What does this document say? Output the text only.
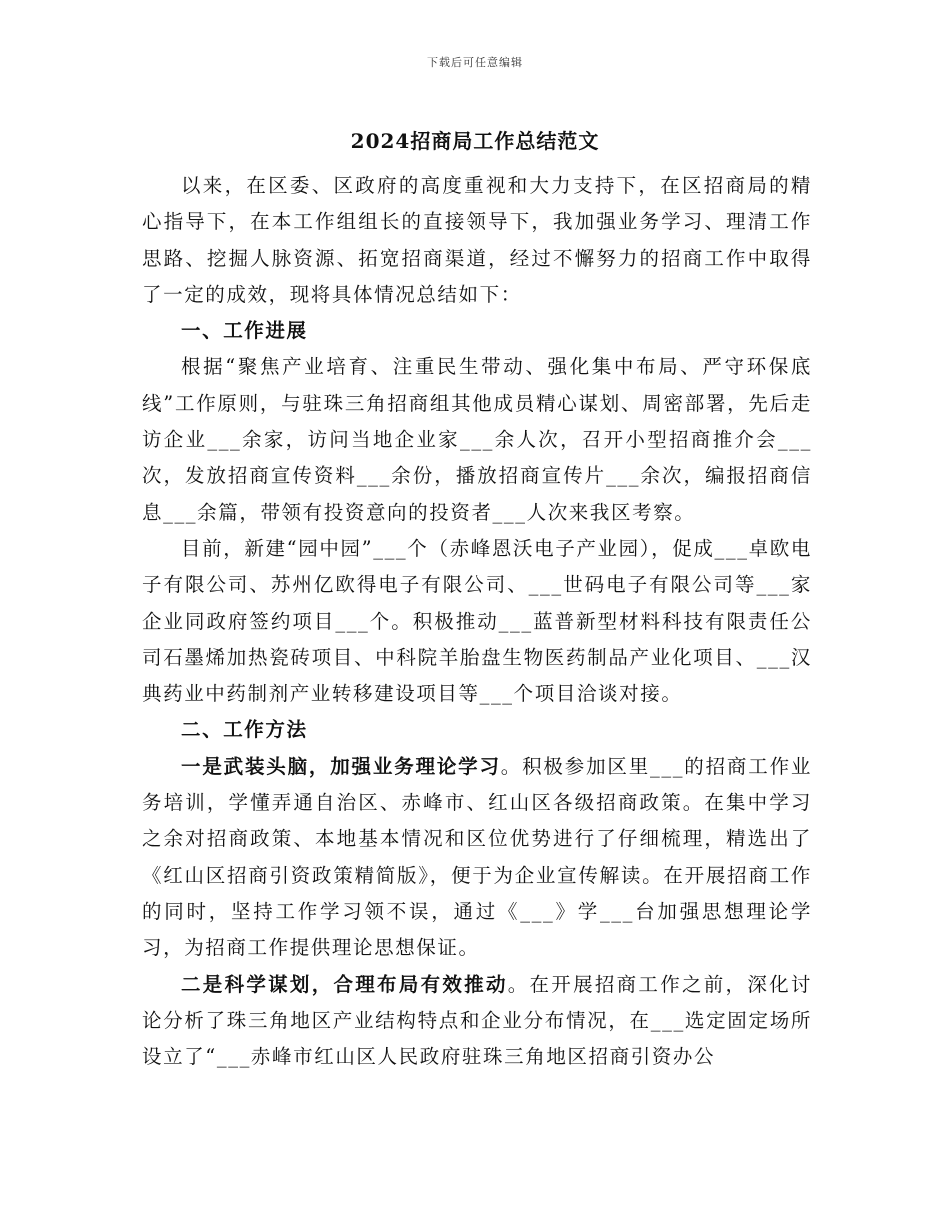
下载后可任意编辑
2024招商局工作总结范文

以来，在区委、区政府的高度重视和大力支持下，在区招商局的精心指导下，在本工作组组长的直接领导下，我加强业务学习、理清工作思路、挖掘人脉资源、拓宽招商渠道，经过不懈努力的招商工作中取得了一定的成效，现将具体情况总结如下：

一、工作进展

根据“聚焦产业培育、注重民生带动、强化集中布局、严守环保底线”工作原则，与驻珠三角招商组其他成员精心谋划、周密部署，先后走访企业___余家，访问当地企业家___余人次，召开小型招商推介会___次，发放招商宣传资料___余份，播放招商宣传片___余次，编报招商信息___余篇，带领有投资意向的投资者___人次来我区考察。

目前，新建“园中园”___个（赤峰恩沃电子产业园），促成___卓欧电子有限公司、苏州亿欧得电子有限公司、___世码电子有限公司等___家企业同政府签约项目___个。积极推动___蓝普新型材料科技有限责任公司石墨烯加热瓷砖项目、中科院羊胎盘生物医药制品产业化项目、___汉典药业中药制剂产业转移建设项目等___个项目洽谈对接。

二、工作方法

一是武装头脑，加强业务理论学习。积极参加区里___的招商工作业务培训，学懂弄通自治区、赤峰市、红山区各级招商政策。在集中学习之余对招商政策、本地基本情况和区位优势进行了仔细梳理，精选出了《红山区招商引资政策精简版》，便于为企业宣传解读。在开展招商工作的同时，坚持工作学习领不误，通过《___》学___台加强思想理论学习，为招商工作提供理论思想保证。

二是科学谋划，合理布局有效推动。在开展招商工作之前，深化讨论分析了珠三角地区产业结构特点和企业分布情况，在___选定固定场所设立了“___赤峰市红山区人民政府驻珠三角地区招商引资办公
